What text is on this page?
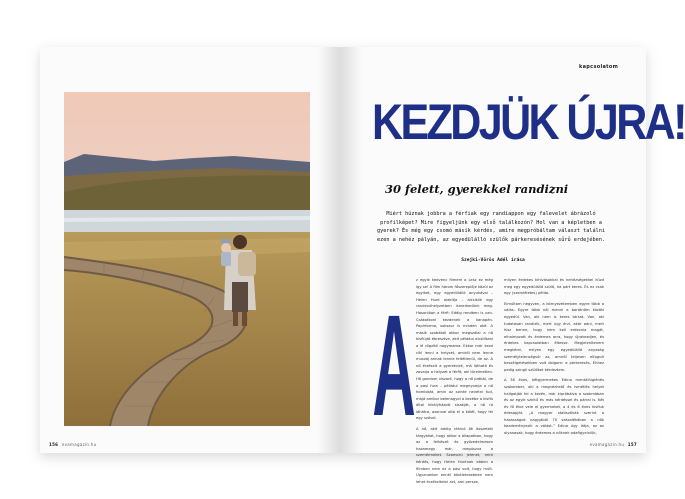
156 evamagazin.hu
kapcsolatom
KEZDJÜK ÚJRA!
30 felett, gyerekkel randizni
Miért húznak jobbra a férfiak egy randiappon egy falevelet ábrázoló profilképet? Mire figyeljünk egy első találkozón? Hol van a képletben a gyerek? És még egy csomó másik kérdés, amire megpróbáltam választ találni ezen a nehéz pályán, az egyedülálló szülők párkeresésének sűrű erdejében.
Szejki-Vörös Adél írása
A

z egyik kedvenc filmem a Lesz ez még így se! A film három főszereplője közül az egyiket, egy egyedülálló anyukával – Helen Hunt alakítja – alcsiklik egy randevúhelyzetben ismerkedünk meg. Hasonlóan a férfi: Eddig rendben is van. Csákotkoni kezdenek a kanapén. Papírforma, sokszor is minden oké. A másik szobából akkor megszólal a nő kisfiúját ébresztve, akit például elcsitítani a lé rögzítő nagymama. Ekkor már kezd cikí lenni a helyzet, amiről nem lenne muszáj annak lennie feltétlenül, de az. A nő érzéseit a gyereknek, má látható és zavarja a helyzet a férfit, aki türelmetlen. Hő gondom viszont, hogy a nő próbál, de a pasi fura – például megnyomja a nő homlokát, amin az szinte nevetni tud, majd amikor belenagyol a kezébe a kisfiú által kikályházott sisakját, a nő rá lóhátra, azonnal oltá el a kólét, hogy fel egy szóval.

A nő, akit addig ráhívó ők összetett tárgyakat, hogy akkor a állapotban, hogy az a felkészít és győzedelmesen hazamegy már, megúszva a szemérmeket. Szomorú jelenet, mint kérdés, hogy Helen Huntnak ebben a filmben nem ez a pasi volt, hogy múlt. Ugyanakkor ennél tökéletesebben nem lehet érzékeltetni azt, ami persze,

milyen érdekes kihívásokkal és nehézségekkel küzd meg egy egyedülálló szülő, ha párt keres. És ez csak egy (szemléletes) példa.

Elmúltam negyven, a környezetemben egyre több a válás. Egyre több női menni a barátnőm között egyedül. Van, aki nem is keres társat. Van, aki tudatosan randizik, mert úgy érzi, akár adni, mert hisz benne, hogy nem kell erdeznia magát, elhalmozott és érdemes arra, hogy újrakezdjen, és érdekes kapcsolatban éltesse. Megjelenítenem megkérni, milyen egy egyedülálló anyaság személytelenségsűr az, amiről teljesen elfogult beszélgetésekben volt dolgom: a párkeresés, Ehhez pedig szingli szülőket kérdeztem.

A 38 éves, kétgyermekes Edina mentálhigiénés szakember, aki a megnézhető és ismétlés helyet hallgatják fel a kezén, már kipróbálva a szakmában és az egyik szintű és más kérdéssel és párral is. Két év fő élve vele el gyermeket, a 4 és 6 éves kisfiuk édesapját. „A magyar statisztikák szerint a házasságok nagyjából 70 százalékában a nők kezdeményezik a válást.” Edina úgy látja, az az olyanasak, hogy érdemes a nőknek odafigyelniük,

evamagazin.hu 157
